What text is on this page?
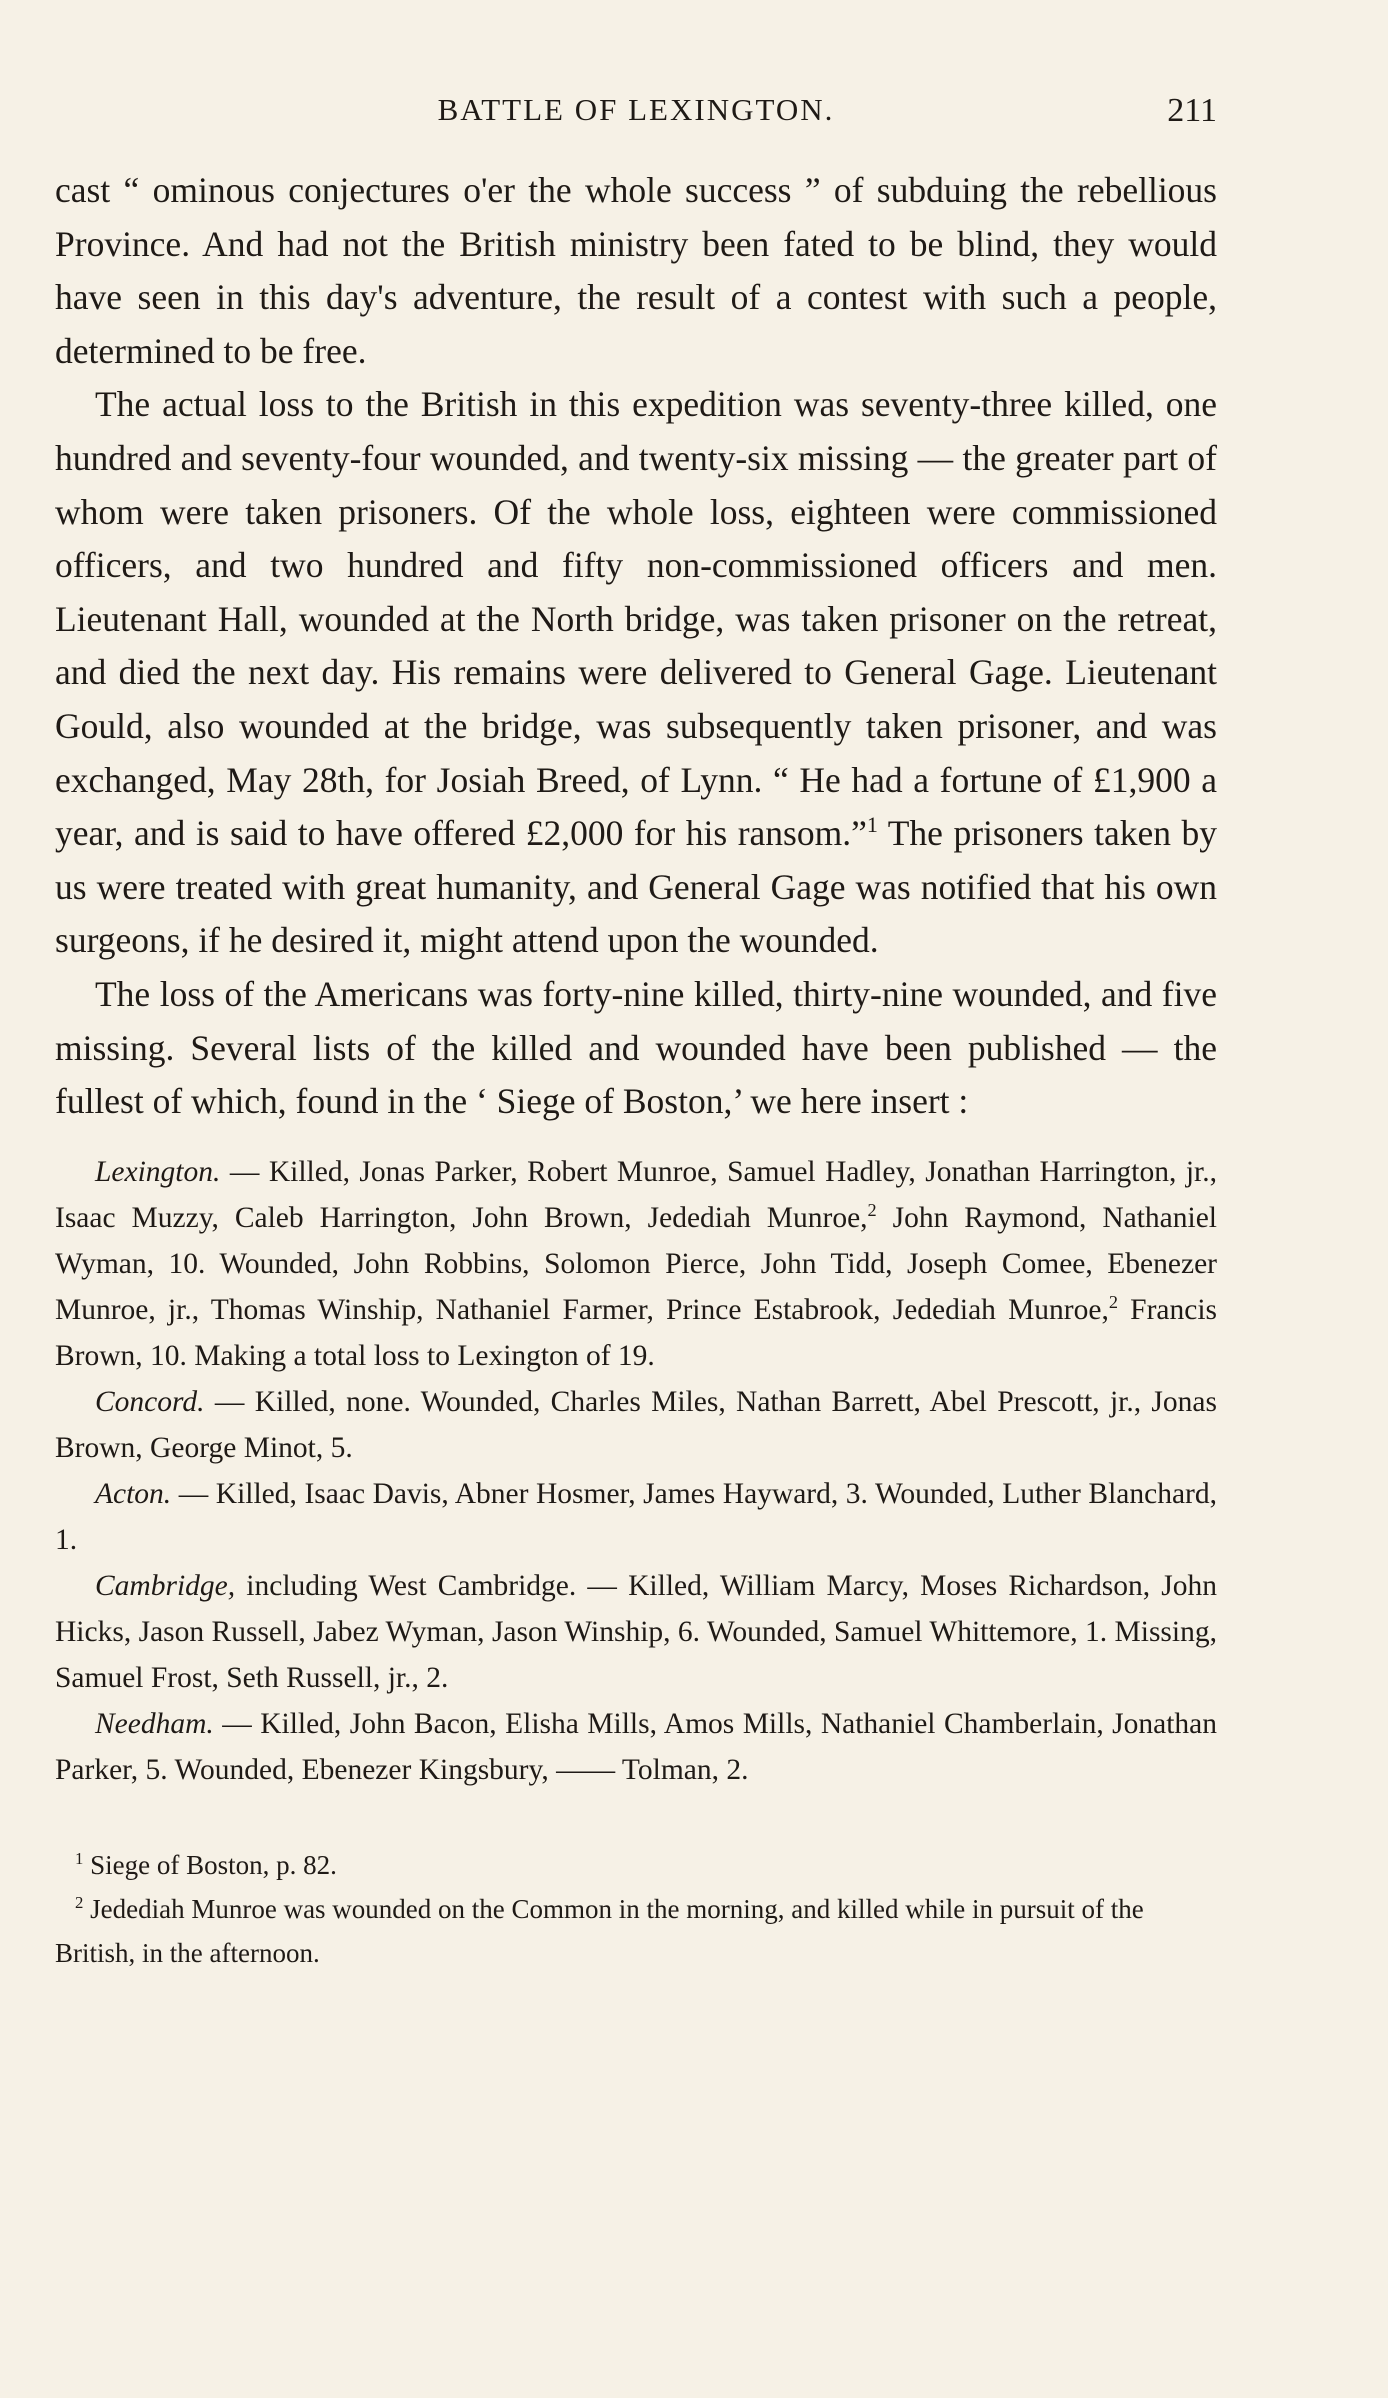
BATTLE OF LEXINGTON.	211

cast “ ominous conjectures o'er the whole success ” of subduing the rebellious Province. And had not the British ministry been fated to be blind, they would have seen in this day's adventure, the result of a contest with such a people, determined to be free.

The actual loss to the British in this expedition was seventy-three killed, one hundred and seventy-four wounded, and twenty-six missing — the greater part of whom were taken prisoners. Of the whole loss, eighteen were commissioned officers, and two hundred and fifty non-commissioned officers and men. Lieutenant Hall, wounded at the North bridge, was taken prisoner on the retreat, and died the next day. His remains were delivered to General Gage. Lieutenant Gould, also wounded at the bridge, was subsequently taken prisoner, and was exchanged, May 28th, for Josiah Breed, of Lynn. “ He had a fortune of £1,900 a year, and is said to have offered £2,000 for his ransom.”$^1$ The prisoners taken by us were treated with great humanity, and General Gage was notified that his own surgeons, if he desired it, might attend upon the wounded.

The loss of the Americans was forty-nine killed, thirty-nine wounded, and five missing. Several lists of the killed and wounded have been published — the fullest of which, found in the ‘ Siege of Boston,’ we here insert :

Lexington. — Killed, Jonas Parker, Robert Munroe, Samuel Hadley, Jonathan Harrington, jr., Isaac Muzzy, Caleb Harrington, John Brown, Jedediah Munroe,$^2$ John Raymond, Nathaniel Wyman, 10. Wounded, John Robbins, Solomon Pierce, John Tidd, Joseph Comee, Ebenezer Munroe, jr., Thomas Winship, Nathaniel Farmer, Prince Estabrook, Jedediah Munroe,$^2$ Francis Brown, 10. Making a total loss to Lexington of 19.

Concord. — Killed, none. Wounded, Charles Miles, Nathan Barrett, Abel Prescott, jr., Jonas Brown, George Minot, 5.

Acton. — Killed, Isaac Davis, Abner Hosmer, James Hayward, 3. Wounded, Luther Blanchard, 1.

Cambridge, including West Cambridge. — Killed, William Marcy, Moses Richardson, John Hicks, Jason Russell, Jabez Wyman, Jason Winship, 6. Wounded, Samuel Whittemore, 1. Missing, Samuel Frost, Seth Russell, jr., 2.

Needham. — Killed, John Bacon, Elisha Mills, Amos Mills, Nathaniel Chamberlain, Jonathan Parker, 5. Wounded, Ebenezer Kingsbury, —— Tolman, 2.

$^1$ Siege of Boston, p. 82.

$^2$ Jedediah Munroe was wounded on the Common in the morning, and killed while in pursuit of the British, in the afternoon.
